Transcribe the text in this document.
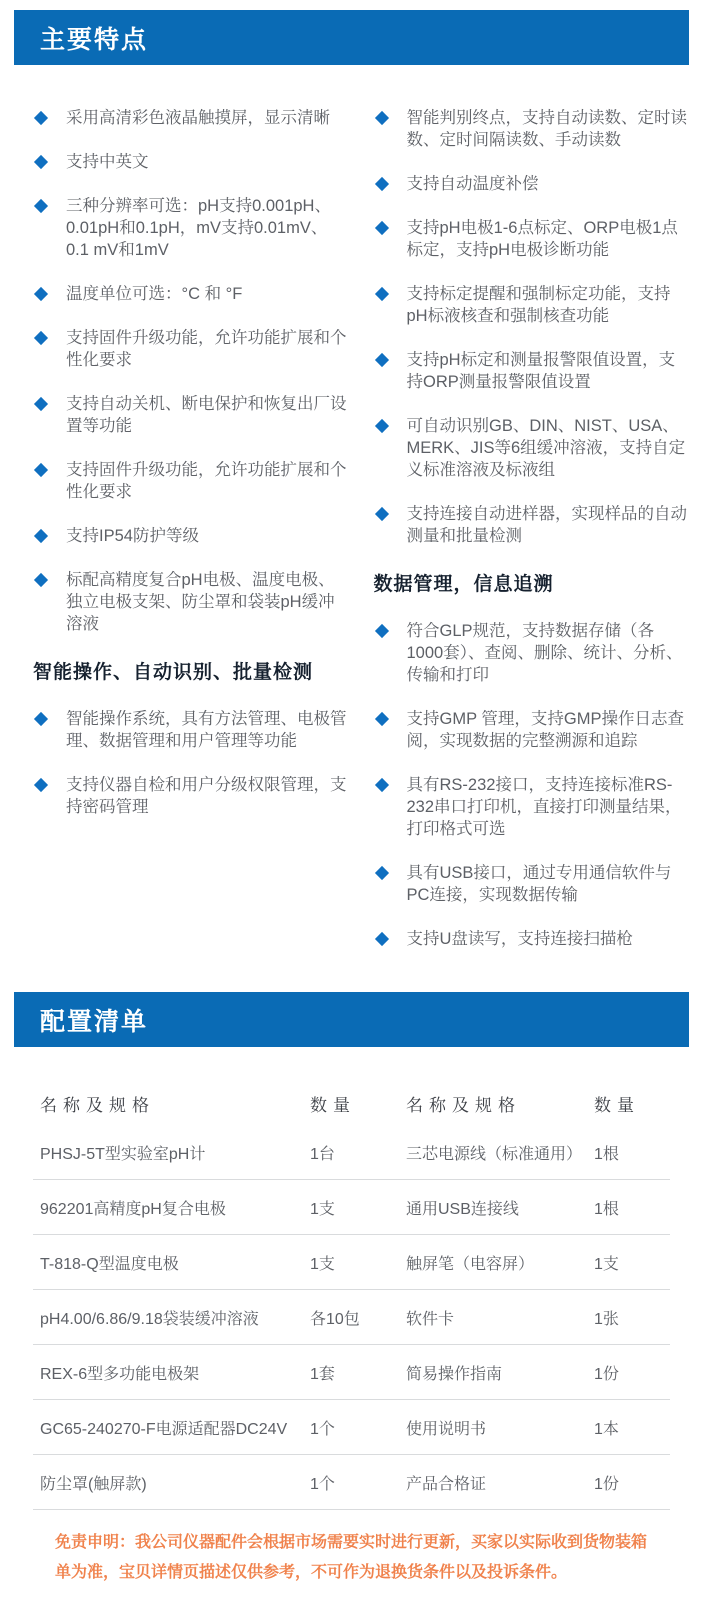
主要特点
采用高清彩色液晶触摸屏，显示清晰
支持中英文
三种分辨率可选：pH支持0.001pH、0.01pH和0.1pH，mV支持0.01mV、0.1 mV和1mV
温度单位可选：°C 和 °F
支持固件升级功能，允许功能扩展和个性化要求
支持自动关机、断电保护和恢复出厂设置等功能
支持固件升级功能，允许功能扩展和个性化要求
支持IP54防护等级
标配高精度复合pH电极、温度电极、独立电极支架、防尘罩和袋装pH缓冲溶液
智能操作、自动识别、批量检测
智能操作系统，具有方法管理、电极管理、数据管理和用户管理等功能
支持仪器自检和用户分级权限管理，支持密码管理
智能判别终点，支持自动读数、定时读数、定时间隔读数、手动读数
支持自动温度补偿
支持pH电极1-6点标定、ORP电极1点标定，支持pH电极诊断功能
支持标定提醒和强制标定功能，支持pH标液核查和强制核查功能
支持pH标定和测量报警限值设置，支持ORP测量报警限值设置
可自动识别GB、DIN、NIST、USA、MERK、JIS等6组缓冲溶液，支持自定义标准溶液及标液组
支持连接自动进样器，实现样品的自动测量和批量检测
数据管理，信息追溯
符合GLP规范，支持数据存储（各1000套）、查阅、删除、统计、分析、传输和打印
支持GMP 管理，支持GMP操作日志查阅，实现数据的完整溯源和追踪
具有RS-232接口，支持连接标准RS-232串口打印机，直接打印测量结果，打印格式可选
具有USB接口，通过专用通信软件与PC连接，实现数据传输
支持U盘读写，支持连接扫描枪
配置清单
名称及规格	数量	名称及规格	数量
PHSJ-5T型实验室pH计	1台	三芯电源线（标准通用） 1根
962201高精度pH复合电极	1支	通用USB连接线	1根
T-818-Q型温度电极	1支	触屏笔（电容屏）	1支
pH4.00/6.86/9.18袋装缓冲溶液	各10包	软件卡	1张
REX-6型多功能电极架	1套	简易操作指南	1份
GC65-240270-F电源适配器DC24V	1个	使用说明书	1本
防尘罩(触屏款)	1个	产品合格证	1份
免责申明：我公司仪器配件会根据市场需要实时进行更新，买家以实际收到货物装箱单为准，宝贝详情页描述仅供参考，不可作为退换货条件以及投诉条件。
